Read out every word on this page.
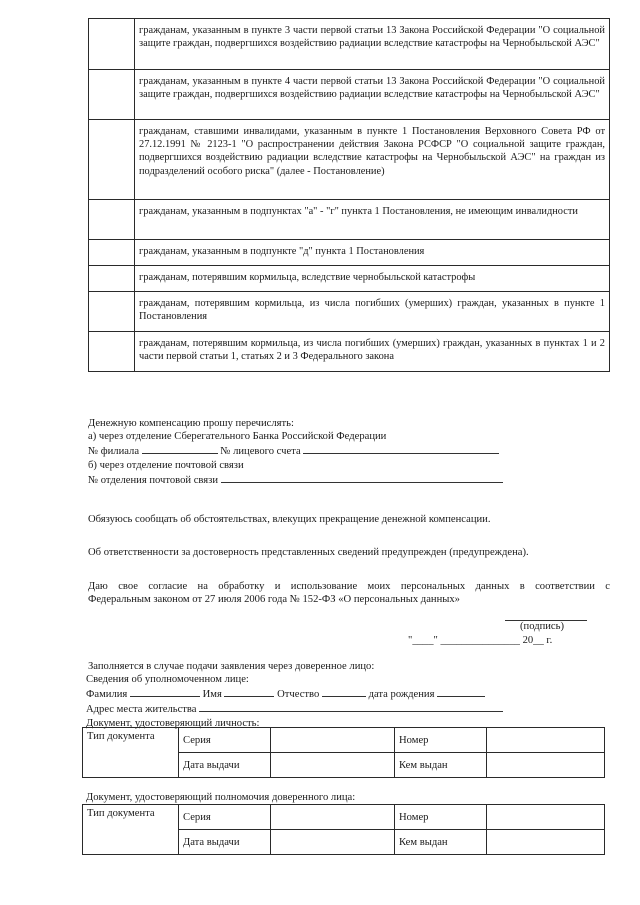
	гражданам, указанным в пункте 3 части первой статьи 13 Закона Российской Федерации "О социальной защите граждан, подвергшихся воздействию радиации вследствие катастрофы на Чернобыльской АЭС"
	гражданам, указанным в пункте 4 части первой статьи 13 Закона Российской Федерации "О социальной защите граждан, подвергшихся воздействию радиации вследствие катастрофы на Чернобыльской АЭС"
	гражданам, ставшими инвалидами, указанным в пункте 1 Постановления Верховного Совета РФ от 27.12.1991 № 2123-1 "О распространении действия Закона РСФСР "О социальной защите граждан, подвергшихся воздействию радиации вследствие катастрофы на Чернобыльской АЭС" на граждан из подразделений особого риска" (далее - Постановление)
	гражданам, указанным в подпунктах "а" - "г" пункта 1 Постановления, не имеющим инвалидности
	гражданам, указанным в подпункте "д" пункта 1 Постановления
	гражданам, потерявшим кормильца, вследствие чернобыльской катастрофы
	гражданам, потерявшим кормильца, из числа погибших (умерших) граждан, указанных в пункте 1 Постановления
	гражданам, потерявшим кормильца, из числа погибших (умерших) граждан, указанных в пунктах 1 и 2 части первой статьи 1, статьях 2 и 3 Федерального закона
Денежную компенсацию прошу перечислять:
а) через отделение Сберегательного Банка Российской Федерации
№ филиала	№ лицевого счета
б) через отделение почтовой связи
№ отделения почтовой связи
Обязуюсь сообщать об обстоятельствах, влекущих прекращение денежной компенсации.
Об ответственности за достоверность представленных сведений предупрежден (предупреждена).
Даю свое согласие на обработку и использование моих персональных данных в соответствии с
Федеральным законом от 27 июля 2006 года № 152-ФЗ «О персональных данных»
(подпись)
"____" _______________ 20__ г.
Заполняется в случае подачи заявления через доверенное лицо:
Сведения об уполномоченном лице:
Фамилия	Имя	Отчество	дата рождения
Адрес места жительства
Документ, удостоверяющий личность:
Тип документа	Серия		Номер	
	Дата выдачи		Кем выдан	
Документ, удостоверяющий полномочия доверенного лица:
Тип документа	Серия		Номер	
	Дата выдачи		Кем выдан	
